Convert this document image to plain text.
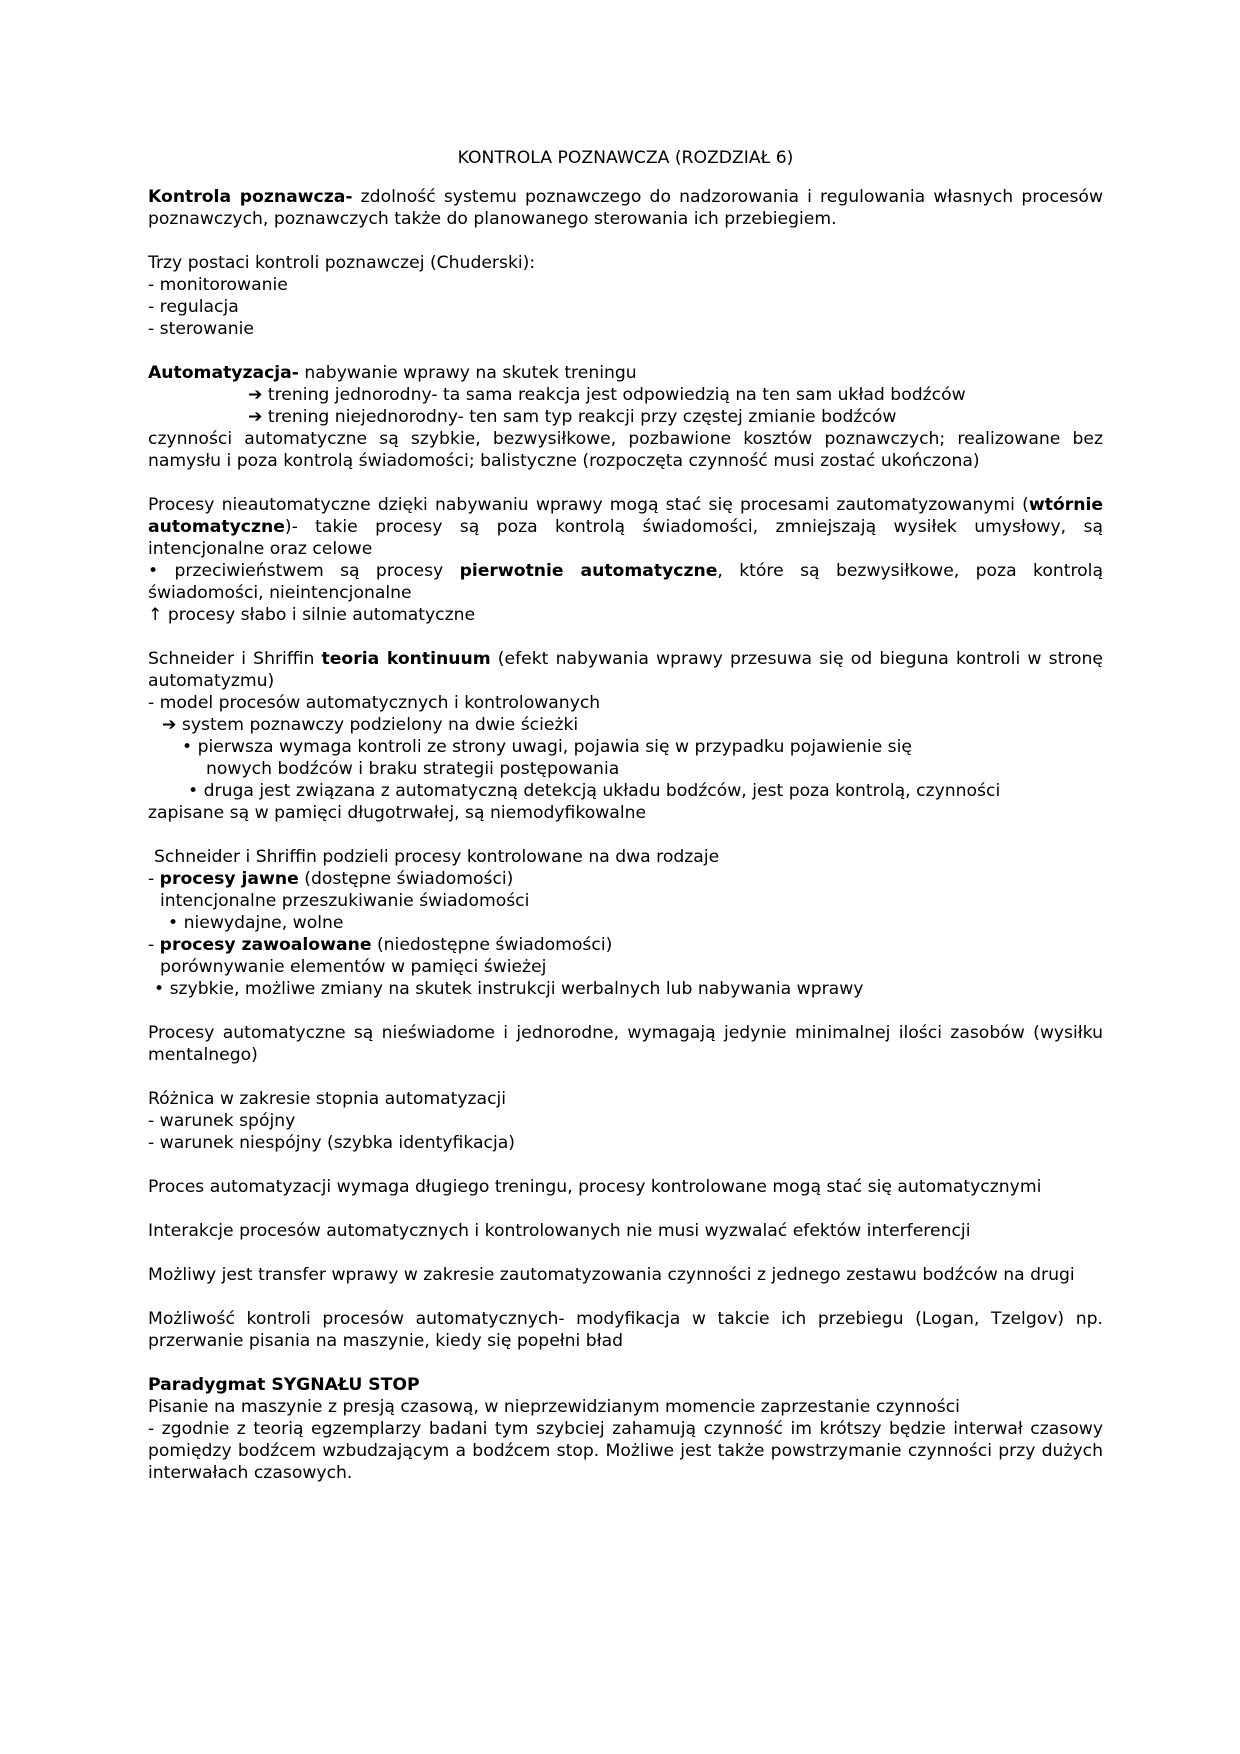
KONTROLA POZNAWCZA (ROZDZIAŁ 6)

Kontrola poznawcza- zdolność systemu poznawczego do nadzorowania i regulowania własnych procesów poznawczych, poznawczych także do planowanego sterowania ich przebiegiem.

Trzy postaci kontroli poznawczej (Chuderski):

- monitorowanie

- regulacja

- sterowanie

Automatyzacja- nabywanie wprawy na skutek treningu

➔ trening jednorodny- ta sama reakcja jest odpowiedzią na ten sam układ bodźców

➔ trening niejednorodny- ten sam typ reakcji przy częstej zmianie bodźców

czynności automatyczne są szybkie, bezwysiłkowe, pozbawione kosztów poznawczych; realizowane bez namysłu i poza kontrolą świadomości; balistyczne (rozpoczęta czynność musi zostać ukończona)

Procesy nieautomatyczne dzięki nabywaniu wprawy mogą stać się procesami zautomatyzowanymi (wtórnie automatyczne)- takie procesy są poza kontrolą świadomości, zmniejszają wysiłek umysłowy, są intencjonalne oraz celowe

• przeciwieństwem są procesy pierwotnie automatyczne, które są bezwysiłkowe, poza kontrolą świadomości, nieintencjonalne

↑ procesy słabo i silnie automatyczne

Schneider i Shriffin teoria kontinuum (efekt nabywania wprawy przesuwa się od bieguna kontroli w stronę automatyzmu)

- model procesów automatycznych i kontrolowanych

➔ system poznawczy podzielony na dwie ścieżki

• pierwsza wymaga kontroli ze strony uwagi, pojawia się w przypadku pojawienie się

nowych bodźców i braku strategii postępowania

• druga jest związana z automatyczną detekcją układu bodźców, jest poza kontrolą, czynności

zapisane są w pamięci długotrwałej, są niemodyfikowalne

Schneider i Shriffin podzieli procesy kontrolowane na dwa rodzaje

- procesy jawne (dostępne świadomości)

intencjonalne przeszukiwanie świadomości

• niewydajne, wolne

- procesy zawoalowane (niedostępne świadomości)

porównywanie elementów w pamięci świeżej

• szybkie, możliwe zmiany na skutek instrukcji werbalnych lub nabywania wprawy

Procesy automatyczne są nieświadome i jednorodne, wymagają jedynie minimalnej ilości zasobów (wysiłku mentalnego)

Różnica w zakresie stopnia automatyzacji

- warunek spójny

- warunek niespójny (szybka identyfikacja)

Proces automatyzacji wymaga długiego treningu, procesy kontrolowane mogą stać się automatycznymi

Interakcje procesów automatycznych i kontrolowanych nie musi wyzwalać efektów interferencji

Możliwy jest transfer wprawy w zakresie zautomatyzowania czynności z jednego zestawu bodźców na drugi

Możliwość kontroli procesów automatycznych- modyfikacja w takcie ich przebiegu (Logan, Tzelgov) np. przerwanie pisania na maszynie, kiedy się popełni bład

Paradygmat SYGNAŁU STOP

Pisanie na maszynie z presją czasową, w nieprzewidzianym momencie zaprzestanie czynności

- zgodnie z teorią egzemplarzy badani tym szybciej zahamują czynność im krótszy będzie interwał czasowy pomiędzy bodźcem wzbudzającym a bodźcem stop. Możliwe jest także powstrzymanie czynności przy dużych interwałach czasowych.
